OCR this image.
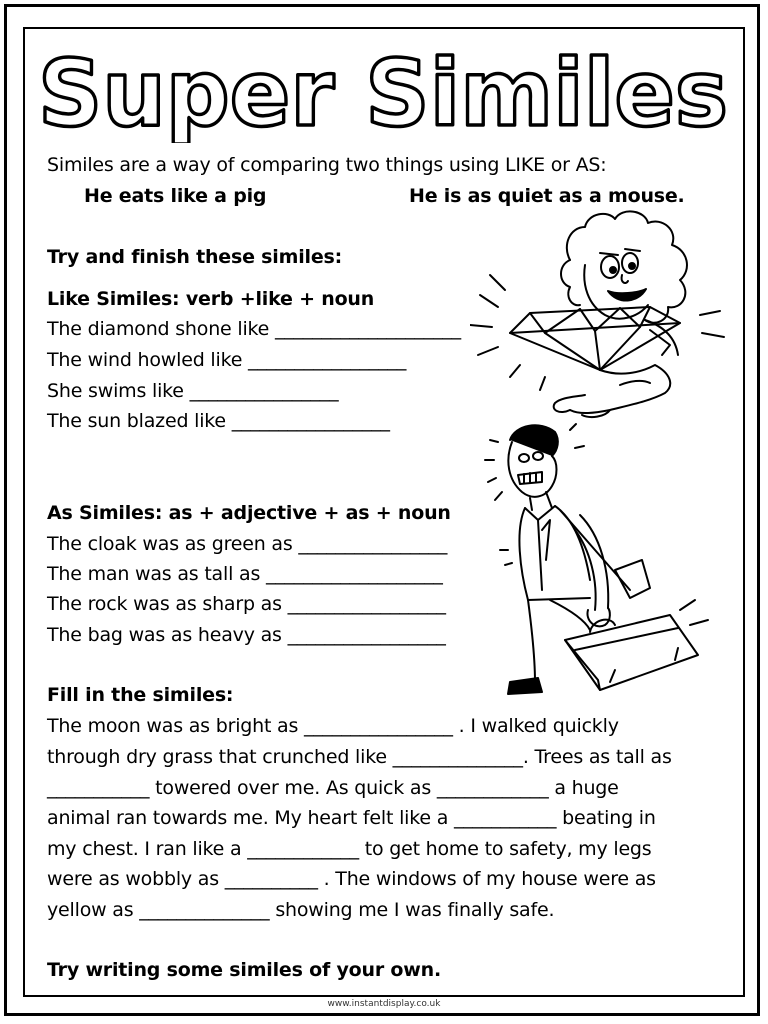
Super Similes
Similes are a way of comparing two things using LIKE or AS:
He eats like a pig	He is as quiet as a mouse.
Try and finish these similes:
Like Similes: verb +like + noun
The diamond shone like ____________________
The wind howled like _________________
She swims like ________________
The sun blazed like _________________
As Similes: as + adjective + as + noun
The cloak was as green as ________________
The man was as tall as ___________________
The rock was as sharp as _________________
The bag was as heavy as _________________
Fill in the similes:
The moon was as bright as ________________ . I walked quickly
through dry grass that crunched like ______________. Trees as tall as
___________ towered over me. As quick as ____________ a huge
animal ran towards me. My heart felt like a ___________ beating in
my chest. I ran like a ____________ to get home to safety, my legs
were as wobbly as __________ . The windows of my house were as
yellow as ______________ showing me I was finally safe.
Try writing some similes of your own.
www.instantdisplay.co.uk
